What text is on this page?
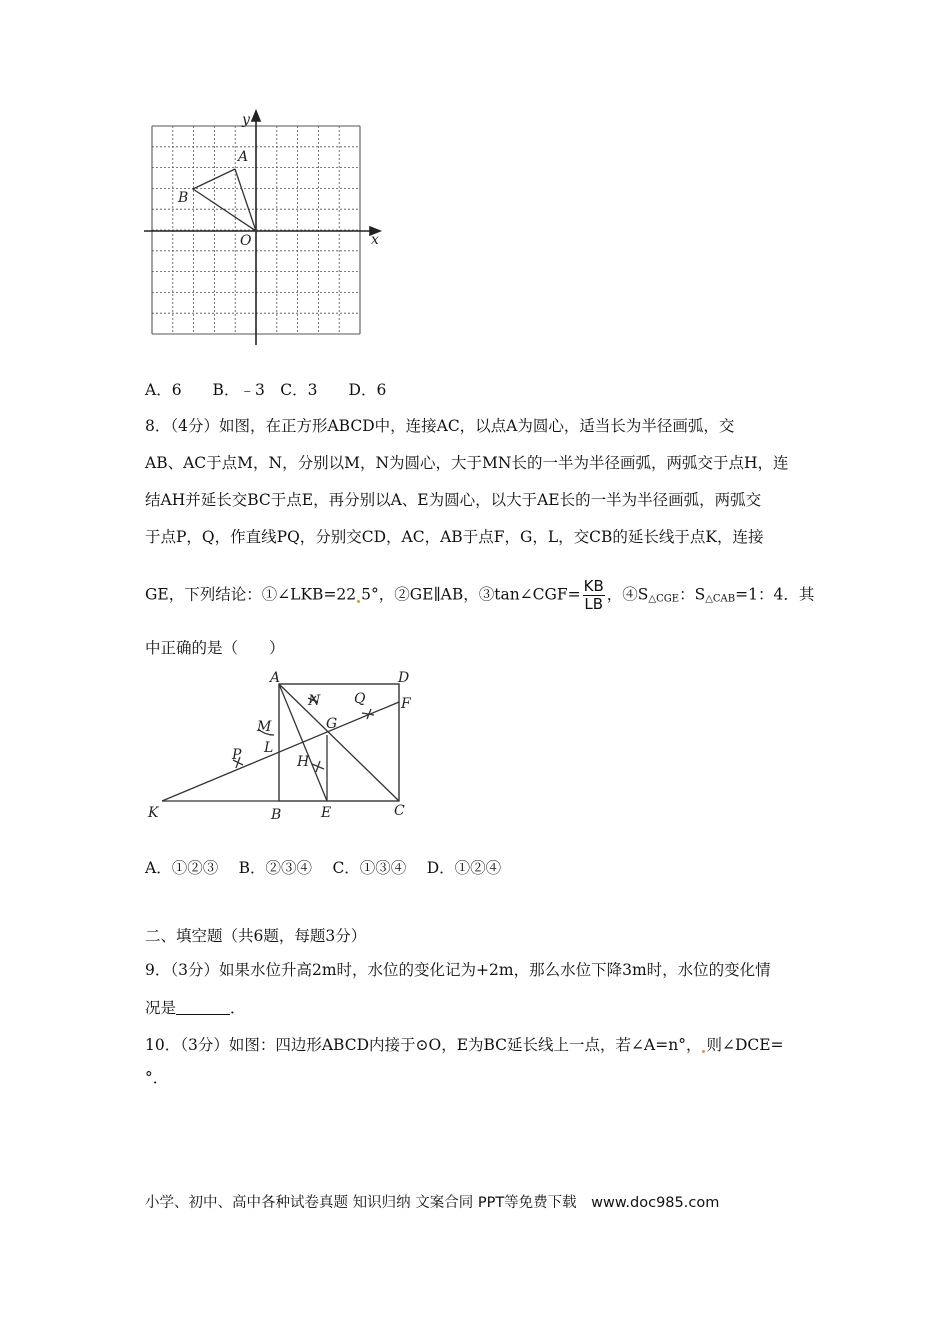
y
x
A
B
O
A．6　　B．﹣3　C．3　　D．6
8．（4分）如图，在正方形ABCD中，连接AC，以点A为圆心，适当长为半径画弧，交
AB、AC于点M，N，分别以M，N为圆心，大于MN长的一半为半径画弧，两弧交于点H，连
结AH并延长交BC于点E，再分别以A、E为圆心，以大于AE长的一半为半径画弧，两弧交
于点P，Q，作直线PQ，分别交CD，AC，AB于点F，G，L，交CB的延长线于点K，连接
GE，下列结论：①∠LKB=22 5°，②GE∥AB，③tan∠CGF= $\frac{KB}{LB}$ ，$④S_{\triangle CGE}$：$S_{\triangle CAB}=1$：4．其
中正确的是（　　）
A	D
N Q	F
M	G
L
P	H
K	B	E	C
A．①②③　 B．②③④　 C．①③④　 D．①②④
二、填空题（共6题，每题3分）
9．（3分）如果水位升高2m时，水位的变化记为+2m，那么水位下降3m时，水位的变化情
况是	．
10．（3分）如图：四边形ABCD内接于⊙O，E为BC延长线上一点，若∠A=n°， 则∠DCE=
°．
小学、初中、高中各种试卷真题 知识归纳 文案合同 PPT等免费下载　www.doc985.com
